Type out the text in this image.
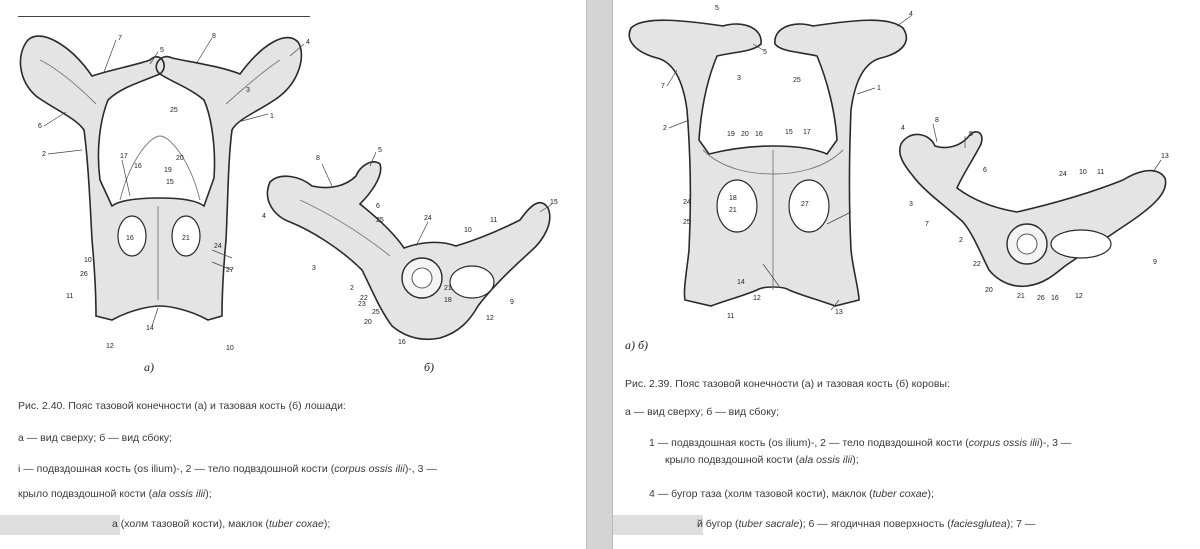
7
5
8
4
3
1
25
6
2	17
16
20
19
15
16	21
24
27
10
26
11
14
12	10
8
5
6
25	24	11
15
4
10
3
2
22
23
25
21
18	9
12
20
16
а)	б)
Рис. 2.40. Пояс тазовой конечности (а) и тазовая кость (б) лошади:
а — вид сверху; б — вид сбоку;
i — подвздошная кость (os ilium)-, 2 — тело подвздошной кости (corpus ossis ilii)-, 3 —
крыло подвздошной кости (ala ossis ilii);
а (холм тазовой кости), маклок (tuber coxae);
5
4
5
3	25
1
7
2
19 20 16	15 17
18
21
27
24
25
14
12
11
13
4
8
5
6
3
7
2
24 10 11
13
9
22
20
21 26 16 12
а) б)
Рис. 2.39. Пояс тазовой конечности (а) и тазовая кость (б) коровы:
а — вид сверху; б — вид сбоку;
1 — подвздошная кость (os ilium)-, 2 — тело подвздошной кости (corpus ossis ilii)-, 3 —
крыло подвздошной кости (ala ossis ilii);
4 — бугор таза (холм тазовой кости), маклок (tuber coxae);
й бугор (tuber sacrale); 6 — ягодичная поверхность (faciesglutea); 7 —
